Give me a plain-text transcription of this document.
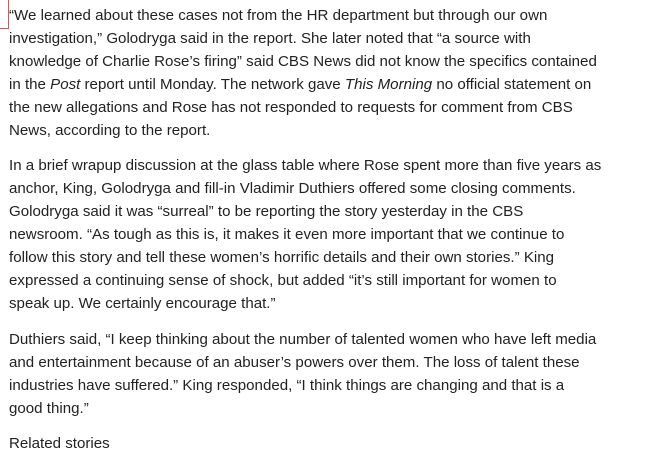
“We learned about these cases not from the HR department but through our own
investigation,” Golodryga said in the report. She later noted that “a source with
knowledge of Charlie Rose’s firing” said CBS News did not know the specifics contained
in the Post report until Monday. The network gave This Morning no official statement on
the new allegations and Rose has not responded to requests for comment from CBS
News, according to the report.

In a brief wrapup discussion at the glass table where Rose spent more than five years as
anchor, King, Golodryga and fill-in Vladimir Duthiers offered some closing comments.
Golodryga said it was “surreal” to be reporting the story yesterday in the CBS
newsroom. “As tough as this is, it makes it even more important that we continue to
follow this story and tell these women’s horrific details and their own stories.” King
expressed a continuing sense of shock, but added “it’s still important for women to
speak up. We certainly encourage that.”

Duthiers said, “I keep thinking about the number of talented women who have left media
and entertainment because of an abuser’s powers over them. The loss of talent these
industries have suffered.” King responded, “I think things are changing and that is a
good thing.”

Related stories
